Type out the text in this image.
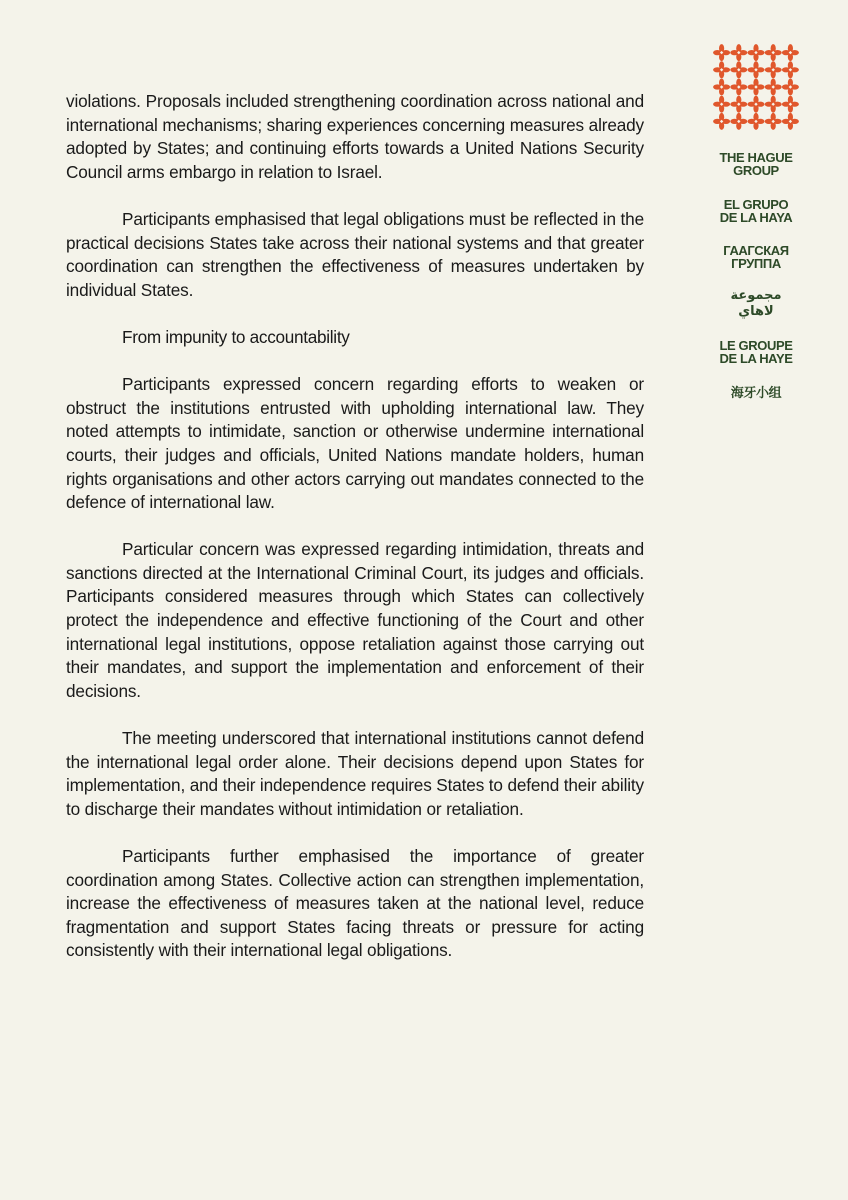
violations. Proposals included strengthening coordination across national and international mechanisms; sharing experiences concerning measures already adopted by States; and continuing efforts towards a United Nations Security Council arms embargo in relation to Israel.

Participants emphasised that legal obligations must be reflected in the practical decisions States take across their national systems and that greater coordination can strengthen the effectiveness of measures undertaken by individual States.

From impunity to accountability

Participants expressed concern regarding efforts to weaken or obstruct the institutions entrusted with upholding international law. They noted attempts to intimidate, sanction or otherwise undermine international courts, their judges and officials, United Nations mandate holders, human rights organisations and other actors carrying out mandates connected to the defence of international law.

Particular concern was expressed regarding intimidation, threats and sanctions directed at the International Criminal Court, its judges and officials. Participants considered measures through which States can collectively protect the independence and effective functioning of the Court and other international legal institutions, oppose retaliation against those carrying out their mandates, and support the implementation and enforcement of their decisions.

The meeting underscored that international institutions cannot defend the international legal order alone. Their decisions depend upon States for implementation, and their independence requires States to defend their ability to discharge their mandates without intimidation or retaliation.

Participants further emphasised the importance of greater coordination among States. Collective action can strengthen implementation, increase the effectiveness of measures taken at the national level, reduce fragmentation and support States facing threats or pressure for acting consistently with their international legal obligations.

THE HAGUE
GROUP

EL GRUPO
DE LA HAYA

ГААГСКАЯ
ГРУППА

مجموعة
لاهاي

LE GROUPE
DE LA HAYE

海牙小组
